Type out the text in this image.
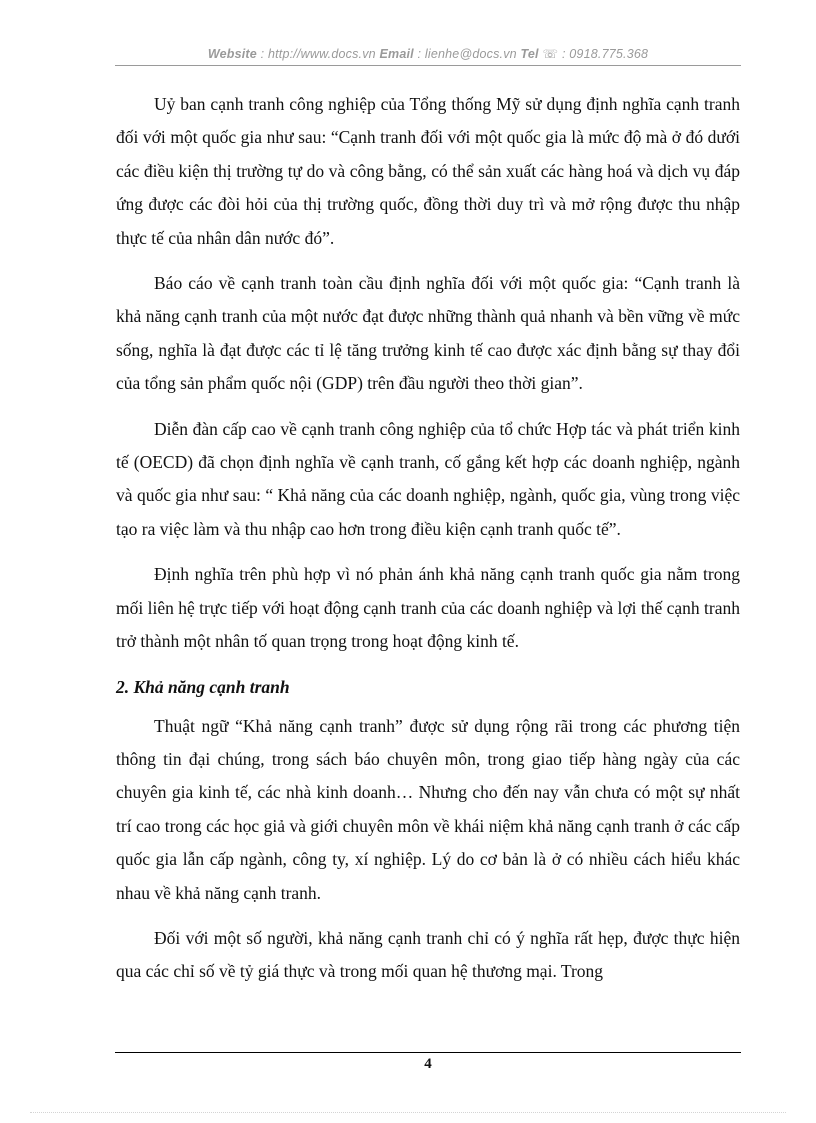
Website : http://www.docs.vn Email : lienhe@docs.vn Tel ☏ : 0918.775.368

Uỷ ban cạnh tranh công nghiệp của Tổng thống Mỹ sử dụng định nghĩa cạnh tranh đối với một quốc gia như sau: “Cạnh tranh đối với một quốc gia là mức độ mà ở đó dưới các điều kiện thị trường tự do và công bằng, có thể sản xuất các hàng hoá và dịch vụ đáp ứng được các đòi hỏi của thị trường quốc, đồng thời duy trì và mở rộng được thu nhập thực tế của nhân dân nước đó”.

Báo cáo về cạnh tranh toàn cầu định nghĩa đối với một quốc gia: “Cạnh tranh là khả năng cạnh tranh của một nước đạt được những thành quả nhanh và bền vững về mức sống, nghĩa là đạt được các tỉ lệ tăng trưởng kinh tế cao được xác định bằng sự thay đổi của tổng sản phẩm quốc nội (GDP) trên đầu người theo thời gian”.

Diễn đàn cấp cao về cạnh tranh công nghiệp của tổ chức Hợp tác và phát triển kinh tế (OECD) đã chọn định nghĩa về cạnh tranh, cố gắng kết hợp các doanh nghiệp, ngành và quốc gia như sau: “ Khả năng của các doanh nghiệp, ngành, quốc gia, vùng trong việc tạo ra việc làm và thu nhập cao hơn trong điều kiện cạnh tranh quốc tế”.

Định nghĩa trên phù hợp vì nó phản ánh khả năng cạnh tranh quốc gia nằm trong mối liên hệ trực tiếp với hoạt động cạnh tranh của các doanh nghiệp và lợi thế cạnh tranh trở thành một nhân tố quan trọng trong hoạt động kinh tế.

2. Khả năng cạnh tranh

Thuật ngữ “Khả năng cạnh tranh” được sử dụng rộng rãi trong các phương tiện thông tin đại chúng, trong sách báo chuyên môn, trong giao tiếp hàng ngày của các chuyên gia kinh tế, các nhà kinh doanh… Nhưng cho đến nay vẫn chưa có một sự nhất trí cao trong các học giả và giới chuyên môn về khái niệm khả năng cạnh tranh ở các cấp quốc gia lẫn cấp ngành, công ty, xí nghiệp. Lý do cơ bản là ở có nhiều cách hiểu khác nhau về khả năng cạnh tranh.

Đối với một số người, khả năng cạnh tranh chỉ có ý nghĩa rất hẹp, được thực hiện qua các chỉ số về tỷ giá thực và trong mối quan hệ thương mại. Trong

4
